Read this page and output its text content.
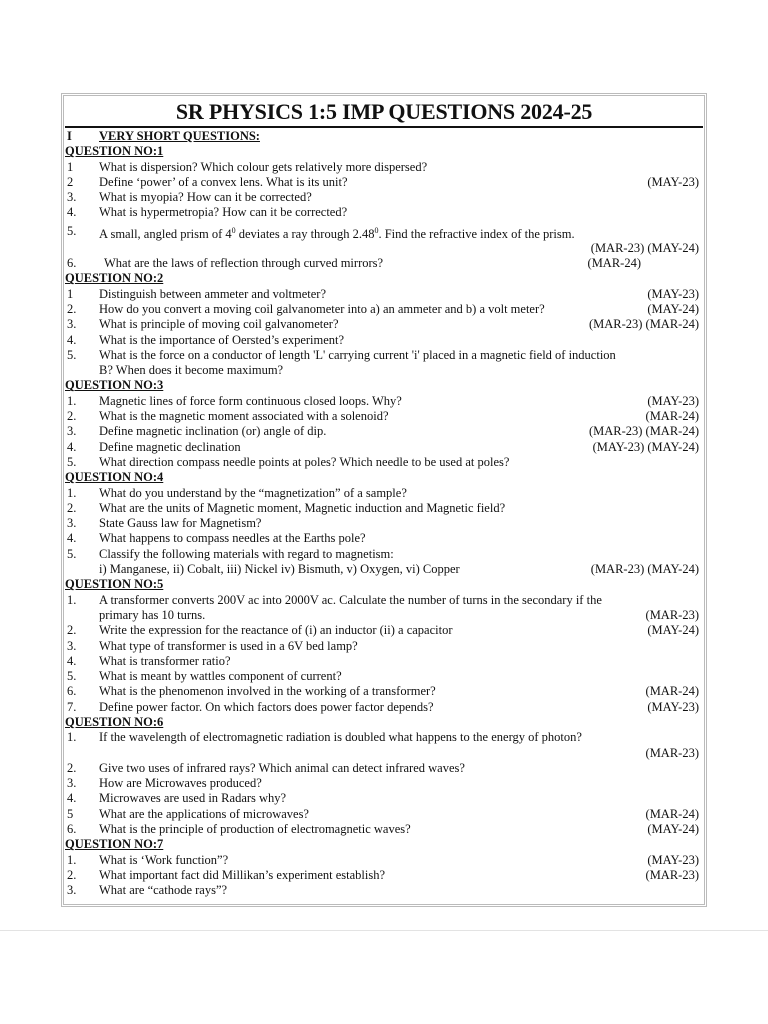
SR PHYSICS 1:5 IMP QUESTIONS 2024-25
I VERY SHORT QUESTIONS:
QUESTION NO:1
1 What is dispersion? Which colour gets relatively more dispersed?
2 Define ‘power’ of a convex lens. What is its unit?	(MAY-23)
3. What is myopia? How can it be corrected?
4. What is hypermetropia? How can it be corrected?
5. A small, angled prism of $4^0$ deviates a ray through 2.48$^0$. Find the refractive index of the prism.
(MAR-23) (MAY-24)
6. What are the laws of reflection through curved mirrors?	(MAR-24)
QUESTION NO:2
1 Distinguish between ammeter and voltmeter?	(MAY-23)
2. How do you convert a moving coil galvanometer into a) an ammeter and b) a volt meter?	(MAY-24)
3. What is principle of moving coil galvanometer?	(MAR-23) (MAR-24)
4. What is the importance of Oersted’s experiment?
5. What is the force on a conductor of length 'L' carrying current 'i' placed in a magnetic field of induction
B? When does it become maximum?
QUESTION NO:3
1. Magnetic lines of force form continuous closed loops. Why?	(MAY-23)
2. What is the magnetic moment associated with a solenoid?	(MAR-24)
3. Define magnetic inclination (or) angle of dip.	(MAR-23) (MAR-24)
4. Define magnetic declination	(MAY-23) (MAY-24)
5. What direction compass needle points at poles? Which needle to be used at poles?
QUESTION NO:4
1. What do you understand by the “magnetization” of a sample?
2. What are the units of Magnetic moment, Magnetic induction and Magnetic field?
3. State Gauss law for Magnetism?
4. What happens to compass needles at the Earths pole?
5. Classify the following materials with regard to magnetism:
i) Manganese, ii) Cobalt, iii) Nickel iv) Bismuth, v) Oxygen, vi) Copper	(MAR-23) (MAY-24)
QUESTION NO:5
1. A transformer converts 200V ac into 2000V ac. Calculate the number of turns in the secondary if the
primary has 10 turns.	(MAR-23)
2. Write the expression for the reactance of (i) an inductor (ii) a capacitor	(MAY-24)
3. What type of transformer is used in a 6V bed lamp?
4. What is transformer ratio?
5. What is meant by wattles component of current?
6. What is the phenomenon involved in the working of a transformer?	(MAR-24)
7. Define power factor. On which factors does power factor depends?	(MAY-23)
QUESTION NO:6
1. If the wavelength of electromagnetic radiation is doubled what happens to the energy of photon?
(MAR-23)
2. Give two uses of infrared rays? Which animal can detect infrared waves?
3. How are Microwaves produced?
4. Microwaves are used in Radars why?
5 What are the applications of microwaves?	(MAR-24)
6. What is the principle of production of electromagnetic waves?	(MAY-24)
QUESTION NO:7
1. What is ‘Work function”?	(MAY-23)
2. What important fact did Millikan’s experiment establish?	(MAR-23)
3. What are “cathode rays”?
